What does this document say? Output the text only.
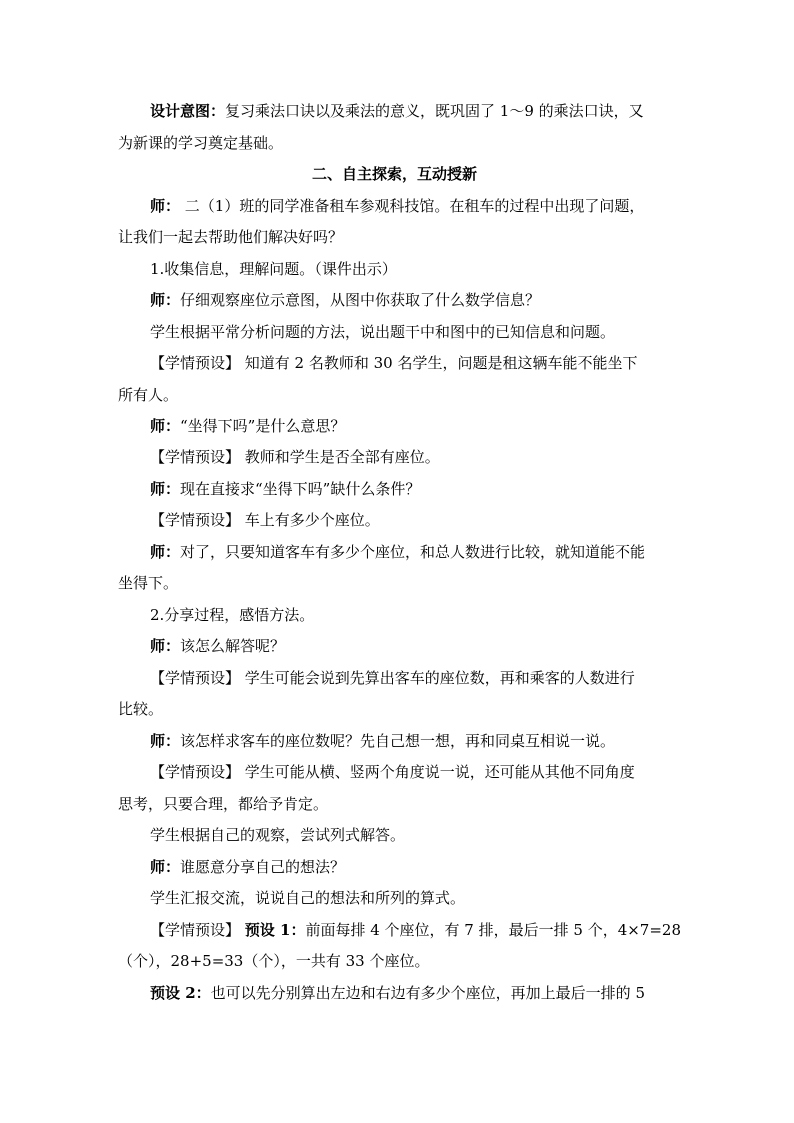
设计意图：复习乘法口诀以及乘法的意义，既巩固了 1～9 的乘法口诀，又
为新课的学习奠定基础。
二、自主探索，互动授新
师： 二（1）班的同学准备租车参观科技馆。在租车的过程中出现了问题，
让我们一起去帮助他们解决好吗？
1.收集信息，理解问题。（课件出示）
师：仔细观察座位示意图，从图中你获取了什么数学信息？
学生根据平常分析问题的方法，说出题干中和图中的已知信息和问题。
【学情预设】 知道有 2 名教师和 30 名学生，问题是租这辆车能不能坐下
所有人。
师：“坐得下吗”是什么意思？
【学情预设】 教师和学生是否全部有座位。
师：现在直接求“坐得下吗”缺什么条件？
【学情预设】 车上有多少个座位。
师：对了，只要知道客车有多少个座位，和总人数进行比较，就知道能不能
坐得下。
2.分享过程，感悟方法。
师：该怎么解答呢？
【学情预设】 学生可能会说到先算出客车的座位数，再和乘客的人数进行
比较。
师：该怎样求客车的座位数呢？先自己想一想，再和同桌互相说一说。
【学情预设】 学生可能从横、竖两个角度说一说，还可能从其他不同角度
思考，只要合理，都给予肯定。
学生根据自己的观察，尝试列式解答。
师：谁愿意分享自己的想法？
学生汇报交流，说说自己的想法和所列的算式。
【学情预设】 预设 1：前面每排 4 个座位，有 7 排，最后一排 5 个，4×7=28
（个），28+5=33（个），一共有 33 个座位。
预设 2：也可以先分别算出左边和右边有多少个座位，再加上最后一排的 5
